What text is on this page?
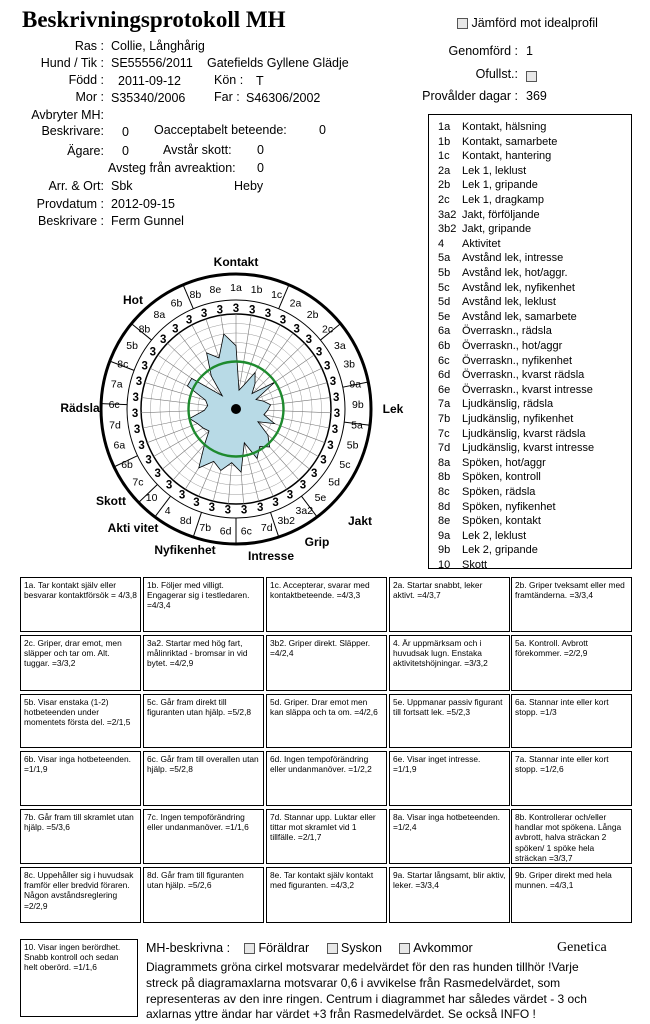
Beskrivningsprotokoll MH	Jämförd mot idealprofil
Genomförd : 1
Ofullst.:
Provålder dagar : 369
Ras : Collie, Långhårig
Hund / Tik : SE55556/2011 Gatefields Gyllene Glädje
Född : 2011-09-12	Kön : T
Mor : S35340/2006 Far : S46306/2002
Avbryter MH:
Beskrivare: 0 Oacceptabelt beteende:	0
Ägare: 0	Avstår skott: 0
Avsteg från avreaktion: 0
Arr. & Ort: Sbk	Heby
Provdatum : 2012-09-15
Beskrivare : Ferm Gunnel
3 3 3
3
3
3
3
3
3
3
3
3
3
3
3
3
3
3
3
3
3
3
3
3
3
3
3
3
3
3
3
3
3
3
3
3
3
3 3
1a 1b 1c
2a
2b
2c
3a
3b
9a
9b
5a
5b
5c
5d
5e
3a2
3b2
7d
6c
6d
7b
8d
4
10
7c
6b
6a
7d
6c
7a
8c
5b
8b
8a
6b
8b 8e
Kontakt
Lek
Jakt
Grip
Intresse
Nyfikenhet
Akti vitet
Skott
Rädsla
Hot
1a Kontakt, hälsning
1b Kontakt, samarbete
1c Kontakt, hantering
2a Lek 1, leklust
2b Lek 1, gripande
2c Lek 1, dragkamp
3a2 Jakt, förföljande
3b2 Jakt, gripande
4 Aktivitet
5a Avstånd lek, intresse
5b Avstånd lek, hot/aggr.
5c Avstånd lek, nyfikenhet
5d Avstånd lek, leklust
5e Avstånd lek, samarbete
6a Överraskn., rädsla
6b Överraskn., hot/aggr
6c Överraskn., nyfikenhet
6d Överraskn., kvarst rädsla
6e Överraskn., kvarst intresse
7a Ljudkänslig, rädsla
7b Ljudkänslig, nyfikenhet
7c Ljudkänslig, kvarst rädsla
7d Ljudkänslig, kvarst intresse
8a Spöken, hot/aggr
8b Spöken, kontroll
8c Spöken, rädsla
8d Spöken, nyfikenhet
8e Spöken, kontakt
9a Lek 2, leklust
9b Lek 2, gripande
10 Skott
1a. Tar kontakt själv eller besvarar kontaktförsök = 4/3,8
1b. Följer med villigt. Engagerar sig i testledaren. =4/3,4
1c. Accepterar, svarar med kontaktbeteende. =4/3,3
2a. Startar snabbt, leker aktivt. =4/3,7
2b. Griper tveksamt eller med framtänderna. =3/3,4
2c. Griper, drar emot, men släpper och tar om. Alt. tuggar. =3/3,2
3a2. Startar med hög fart, målinriktad - bromsar in vid bytet. =4/2,9
3b2. Griper direkt. Släpper. =4/2,4
4. Är uppmärksam och i huvudsak lugn. Enstaka aktivitetshöjningar. =3/3,2
5a. Kontroll. Avbrott förekommer. =2/2,9
5b. Visar enstaka (1-2) hotbeteenden under momentets första del. =2/1,5
5c. Går fram direkt till figuranten utan hjälp. =5/2,8
5d. Griper. Drar emot men kan släppa och ta om. =4/2,6
5e. Uppmanar passiv figurant till fortsatt lek. =5/2,3
6a. Stannar inte eller kort stopp. =1/3
6b. Visar inga hotbeteenden. =1/1,9
6c. Går fram till overallen utan hjälp. =5/2,8
6d. Ingen tempoförändring eller undanmanöver. =1/2,2
6e. Visar inget intresse. =1/1,9
7a. Stannar inte eller kort stopp. =1/2,6
7b. Går fram till skramlet utan hjälp. =5/3,6
7c. Ingen tempoförändring eller undanmanöver. =1/1,6
7d. Stannar upp. Luktar eller tittar mot skramlet vid 1 tillfälle. =2/1,7
8a. Visar inga hotbeteenden. =1/2,4
8b. Kontrollerar och/eller handlar mot spökena. Långa avbrott, halva sträckan 2 spöken/ 1 spöke hela sträckan =3/3,7
8c. Uppehåller sig i huvudsak framför eller bredvid föraren. Någon avståndsreglering =2/2,9
8d. Går fram till figuranten utan hjälp. =5/2,6
8e. Tar kontakt själv kontakt med figuranten. =4/3,2
9a. Startar långsamt, blir aktiv, leker. =3/3,4
9b. Griper direkt med hela munnen. =4/3,1
10. Visar ingen berördhet. Snabb kontroll och sedan helt oberörd. =1/1,6
MH-beskrivna : Föräldrar	Syskon Avkommor	Genetica
Diagrammets gröna cirkel motsvarar medelvärdet för den ras hunden tillhör !Varje
streck på diagramaxlarna motsvarar 0,6 i avvikelse från Rasmedelvärdet, som
representeras av den inre ringen. Centrum i diagrammet har således värdet - 3 och
axlarnas yttre ändar har värdet +3 från Rasmedelvärdet. Se också INFO !
